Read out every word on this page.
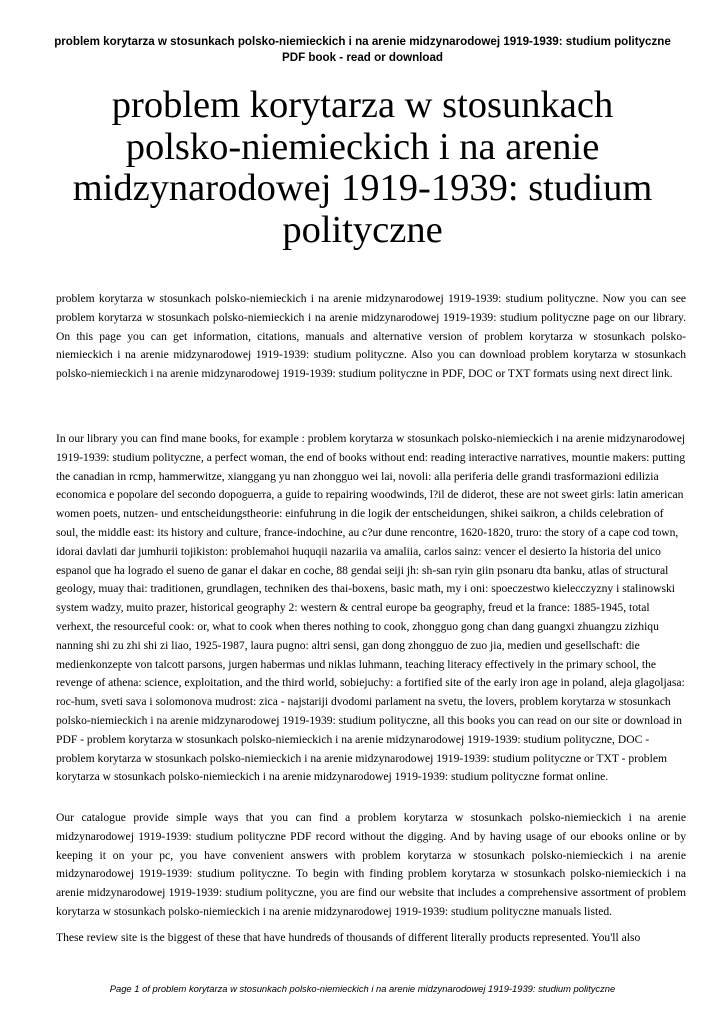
problem korytarza w stosunkach polsko-niemieckich i na arenie midzynarodowej 1919-1939: studium polityczne
PDF book - read or download
problem korytarza w stosunkach polsko-niemieckich i na arenie midzynarodowej 1919-1939: studium polityczne

problem korytarza w stosunkach polsko-niemieckich i na arenie midzynarodowej 1919-1939: studium polityczne. Now you can see problem korytarza w stosunkach polsko-niemieckich i na arenie midzynarodowej 1919-1939: studium polityczne page on our library. On this page you can get information, citations, manuals and alternative version of problem korytarza w stosunkach polsko-niemieckich i na arenie midzynarodowej 1919-1939: studium polityczne. Also you can download problem korytarza w stosunkach polsko-niemieckich i na arenie midzynarodowej 1919-1939: studium polityczne in PDF, DOC or TXT formats using next direct link.

In our library you can find mane books, for example : problem korytarza w stosunkach polsko-niemieckich i na arenie midzynarodowej 1919-1939: studium polityczne, a perfect woman, the end of books without end: reading interactive narratives, mountie makers: putting the canadian in rcmp, hammerwitze, xianggang yu nan zhongguo wei lai, novoli: alla periferia delle grandi trasformazioni edilizia economica e popolare del secondo dopoguerra, a guide to repairing woodwinds, l?il de diderot, these are not sweet girls: latin american women poets, nutzen- und entscheidungstheorie: einfuhrung in die logik der entscheidungen, shikei saikron, a childs celebration of soul, the middle east: its history and culture, france-indochine, au c?ur dune rencontre, 1620-1820, truro: the story of a cape cod town, idorai davlati dar jumhurii tojikiston: problemahoi huquqii nazariia va amaliia, carlos sainz: vencer el desierto la historia del unico espanol que ha logrado el sueno de ganar el dakar en coche, 88 gendai seiji jh: sh-san ryin giin psonaru dta banku, atlas of structural geology, muay thai: traditionen, grundlagen, techniken des thai-boxens, basic math, my i oni: spoeczestwo kielecczyzny i stalinowski system wadzy, muito prazer, historical geography 2: western & central europe ba geography, freud et la france: 1885-1945, total verhext, the resourceful cook: or, what to cook when theres nothing to cook, zhongguo gong chan dang guangxi zhuangzu zizhiqu nanning shi zu zhi shi zi liao, 1925-1987, laura pugno: altri sensi, gan dong zhongguo de zuo jia, medien und gesellschaft: die medienkonzepte von talcott parsons, jurgen habermas und niklas luhmann, teaching literacy effectively in the primary school, the revenge of athena: science, exploitation, and the third world, sobiejuchy: a fortified site of the early iron age in poland, aleja glagoljasa: roc-hum, sveti sava i solomonova mudrost: zica - najstariji dvodomi parlament na svetu, the lovers, problem korytarza w stosunkach polsko-niemieckich i na arenie midzynarodowej 1919-1939: studium polityczne, all this books you can read on our site or download in PDF - problem korytarza w stosunkach polsko-niemieckich i na arenie midzynarodowej 1919-1939: studium polityczne, DOC - problem korytarza w stosunkach polsko-niemieckich i na arenie midzynarodowej 1919-1939: studium polityczne or TXT - problem korytarza w stosunkach polsko-niemieckich i na arenie midzynarodowej 1919-1939: studium polityczne format online.

Our catalogue provide simple ways that you can find a problem korytarza w stosunkach polsko-niemieckich i na arenie midzynarodowej 1919-1939: studium polityczne PDF record without the digging. And by having usage of our ebooks online or by keeping it on your pc, you have convenient answers with problem korytarza w stosunkach polsko-niemieckich i na arenie midzynarodowej 1919-1939: studium polityczne. To begin with finding problem korytarza w stosunkach polsko-niemieckich i na arenie midzynarodowej 1919-1939: studium polityczne, you are find our website that includes a comprehensive assortment of problem korytarza w stosunkach polsko-niemieckich i na arenie midzynarodowej 1919-1939: studium polityczne manuals listed.

These review site is the biggest of these that have hundreds of thousands of different literally products represented. You'll also

Page 1 of problem korytarza w stosunkach polsko-niemieckich i na arenie midzynarodowej 1919-1939: studium polityczne
